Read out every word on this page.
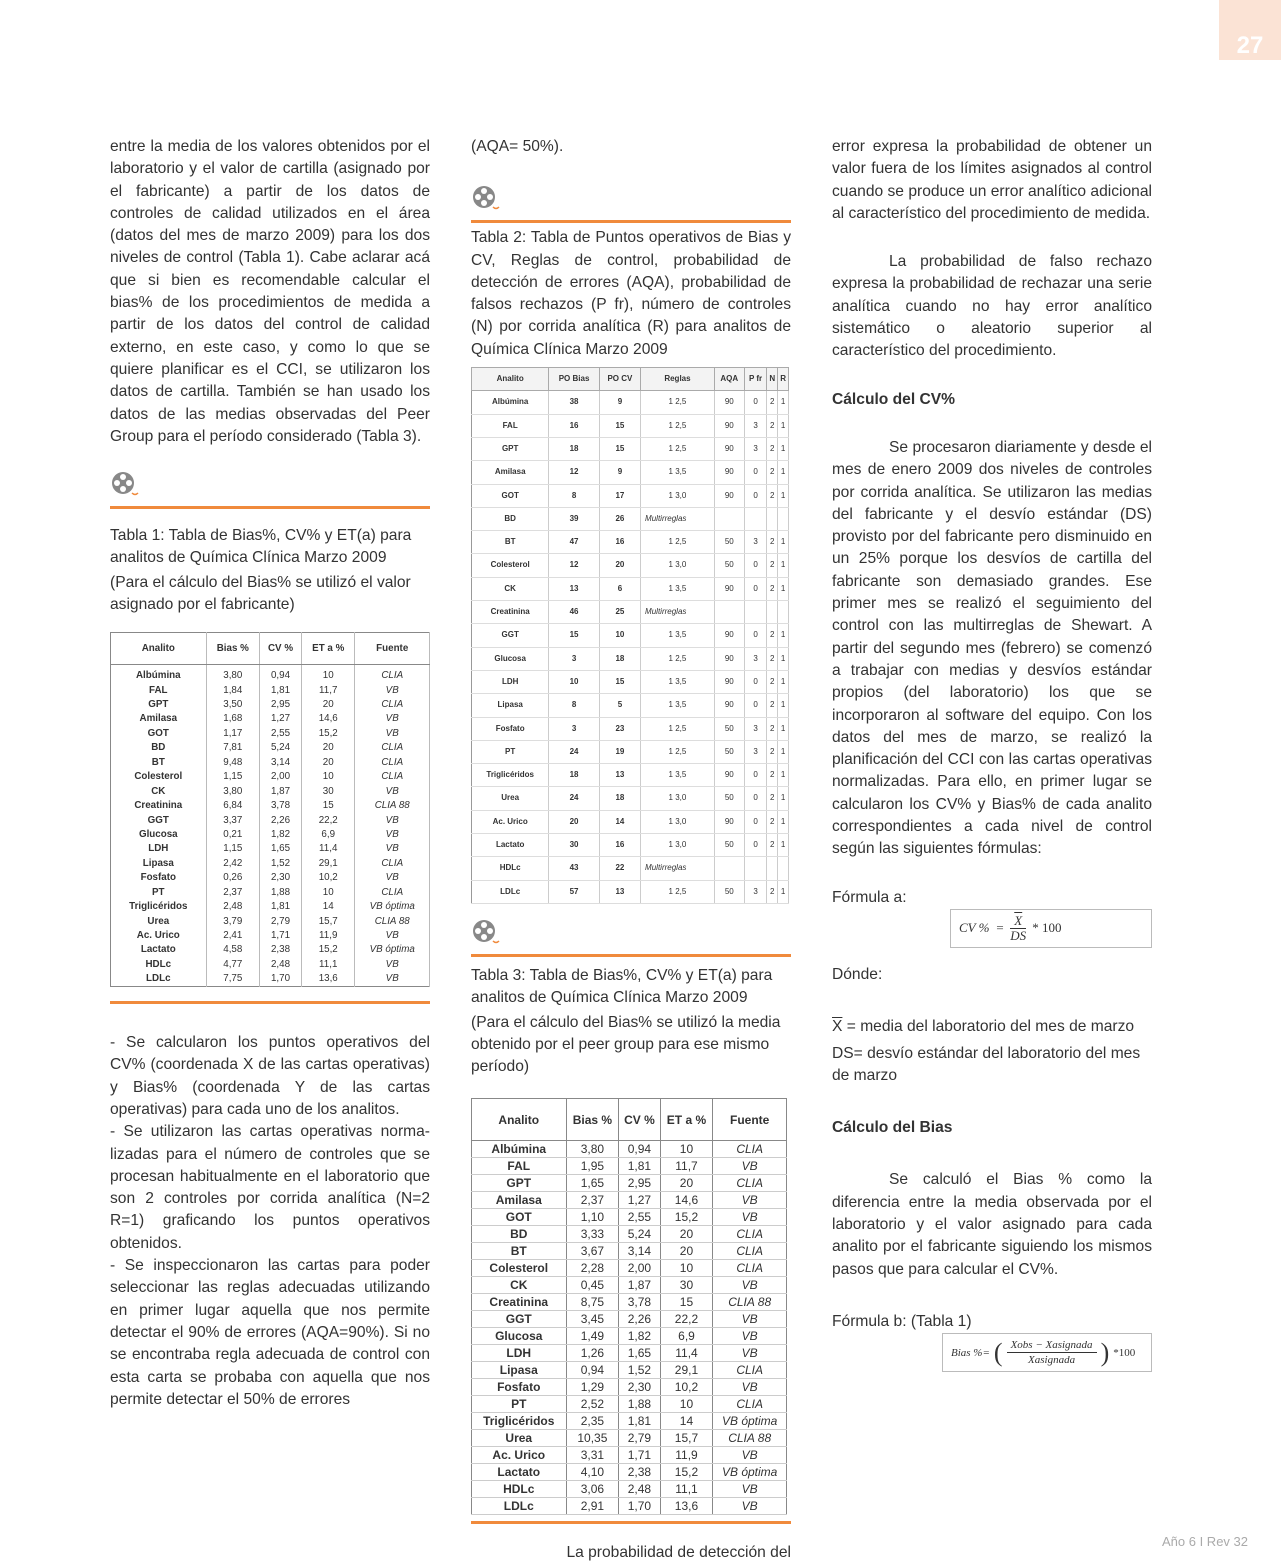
27

entre la media de los valores obtenidos por el laboratorio y el valor de cartilla (asignado por el fabricante) a partir de los datos de controles de calidad utilizados en el área (datos del mes de marzo 2009) para los dos niveles de control (Tabla 1). Cabe aclarar acá que si bien es recomendable calcular el bias% de los procedimientos de medida a partir de los datos del control de calidad externo, en este caso, y como lo que se quiere planificar es el CCI, se utilizaron los datos de cartilla. También se han usado los datos de las medias observadas del Peer Group para el período considerado (Tabla 3).

Tabla 1: Tabla de Bias%, CV% y ET(a) para analitos de Química Clínica Marzo 2009

(Para el cálculo del Bias% se utilizó el valor asignado por el fabricante)

Analito	Bias %	CV %	ET a %	Fuente
Albúmina	3,80	0,94	10	CLIA
FAL	1,84	1,81	11,7	VB
GPT	3,50	2,95	20	CLIA
Amilasa	1,68	1,27	14,6	VB
GOT	1,17	2,55	15,2	VB
BD	7,81	5,24	20	CLIA
BT	9,48	3,14	20	CLIA
Colesterol	1,15	2,00	10	CLIA
CK	3,80	1,87	30	VB
Creatinina	6,84	3,78	15	CLIA 88
GGT	3,37	2,26	22,2	VB
Glucosa	0,21	1,82	6,9	VB
LDH	1,15	1,65	11,4	VB
Lipasa	2,42	1,52	29,1	CLIA
Fosfato	0,26	2,30	10,2	VB
PT	2,37	1,88	10	CLIA
Triglicéridos	2,48	1,81	14	VB óptima
Urea	3,79	2,79	15,7	CLIA 88
Ac. Urico	2,41	1,71	11,9	VB
Lactato	4,58	2,38	15,2	VB óptima
HDLc	4,77	2,48	11,1	VB
LDLc	7,75	1,70	13,6	VB

- Se calcularon los puntos operativos del CV% (coordenada X de las cartas operativas) y Bias% (coordenada Y de las cartas operativas) para cada uno de los analitos.

- Se utilizaron las cartas operativas norma-lizadas para el número de controles que se procesan habitualmente en el laboratorio que son 2 controles por corrida analítica (N=2 R=1) graficando los puntos operativos obtenidos.

- Se inspeccionaron las cartas para poder seleccionar las reglas adecuadas utilizando en primer lugar aquella que nos permite detectar el 90% de errores (AQA=90%). Si no se encontraba regla adecuada de control con esta carta se probaba con aquella que nos permite detectar el 50% de errores

(AQA= 50%).

Tabla 2: Tabla de Puntos operativos de Bias y CV, Reglas de control, probabilidad de detección de errores (AQA), probabilidad de falsos rechazos (P fr), número de controles (N) por corrida analítica (R) para analitos de Química Clínica Marzo 2009

Analito	PO Bias	PO CV	Reglas	AQA	P fr	N	R
Albúmina	38	9	1 2,5	90	0	2	1
FAL	16	15	1 2,5	90	3	2	1
GPT	18	15	1 2,5	90	3	2	1
Amilasa	12	9	1 3,5	90	0	2	1
GOT	8	17	1 3,0	90	0	2	1
BD	39	26	Multirreglas				
BT	47	16	1 2,5	50	3	2	1
Colesterol	12	20	1 3,0	50	0	2	1
CK	13	6	1 3,5	90	0	2	1
Creatinina	46	25	Multirreglas				
GGT	15	10	1 3,5	90	0	2	1
Glucosa	3	18	1 2,5	90	3	2	1
LDH	10	15	1 3,5	90	0	2	1
Lipasa	8	5	1 3,5	90	0	2	1
Fosfato	3	23	1 2,5	50	3	2	1
PT	24	19	1 2,5	50	3	2	1
Triglicéridos	18	13	1 3,5	90	0	2	1
Urea	24	18	1 3,0	50	0	2	1
Ac. Urico	20	14	1 3,0	90	0	2	1
Lactato	30	16	1 3,0	50	0	2	1
HDLc	43	22	Multirreglas				
LDLc	57	13	1 2,5	50	3	2	1

Tabla 3: Tabla de Bias%, CV% y ET(a) para analitos de Química Clínica Marzo 2009

(Para el cálculo del Bias% se utilizó la media obtenido por el peer group para ese mismo período)

Analito	Bias %	CV %	ET a %	Fuente
Albúmina	3,80	0,94	10	CLIA
FAL	1,95	1,81	11,7	VB
GPT	1,65	2,95	20	CLIA
Amilasa	2,37	1,27	14,6	VB
GOT	1,10	2,55	15,2	VB
BD	3,33	5,24	20	CLIA
BT	3,67	3,14	20	CLIA
Colesterol	2,28	2,00	10	CLIA
CK	0,45	1,87	30	VB
Creatinina	8,75	3,78	15	CLIA 88
GGT	3,45	2,26	22,2	VB
Glucosa	1,49	1,82	6,9	VB
LDH	1,26	1,65	11,4	VB
Lipasa	0,94	1,52	29,1	CLIA
Fosfato	1,29	2,30	10,2	VB
PT	2,52	1,88	10	CLIA
Triglicéridos	2,35	1,81	14	VB óptima
Urea	10,35	2,79	15,7	CLIA 88
Ac. Urico	3,31	1,71	11,9	VB
Lactato	4,10	2,38	15,2	VB óptima
HDLc	3,06	2,48	11,1	VB
LDLc	2,91	1,70	13,6	VB

La probabilidad de detección del

error expresa la probabilidad de obtener un valor fuera de los límites asignados al control cuando se produce un error analítico adicional al característico del procedimiento de medida.

La probabilidad de falso rechazo expresa la probabilidad de rechazar una serie analítica cuando no hay error analítico sistemático o aleatorio superior al característico del procedimiento.

Cálculo del CV%

Se procesaron diariamente y desde el mes de enero 2009 dos niveles de controles por corrida analítica. Se utilizaron las medias del fabricante y el desvío estándar (DS) provisto por del fabricante pero disminuido en un 25% porque los desvíos de cartilla del fabricante son demasiado grandes. Ese primer mes se realizó el seguimiento del control con las multirreglas de Shewart. A partir del segundo mes (febrero) se comenzó a trabajar con medias y desvíos estándar propios (del laboratorio) los que se incorporaron al software del equipo. Con los datos del mes de marzo, se realizó la planificación del CCI con las cartas operativas normalizadas. Para ello, en primer lugar se calcularon los CV% y Bias% de cada analito correspondientes a cada nivel de control según las siguientes fórmulas:

Fórmula a:

CV % = $\frac{\overline{X}}{DS} * 100$

Dónde:

$\overline{X}$ = media del laboratorio del mes de marzo

DS= desvío estándar del laboratorio del mes de marzo

Cálculo del Bias

Se calculó el Bias % como la diferencia entre la media observada por el laboratorio y el valor asignado para cada analito por el fabricante siguiendo los mismos pasos que para calcular el CV%.

Fórmula b: (Tabla 1)

Bias %= ( Xobs − Xasignada
Xasignada ) *100
Año 6 I Rev 32
